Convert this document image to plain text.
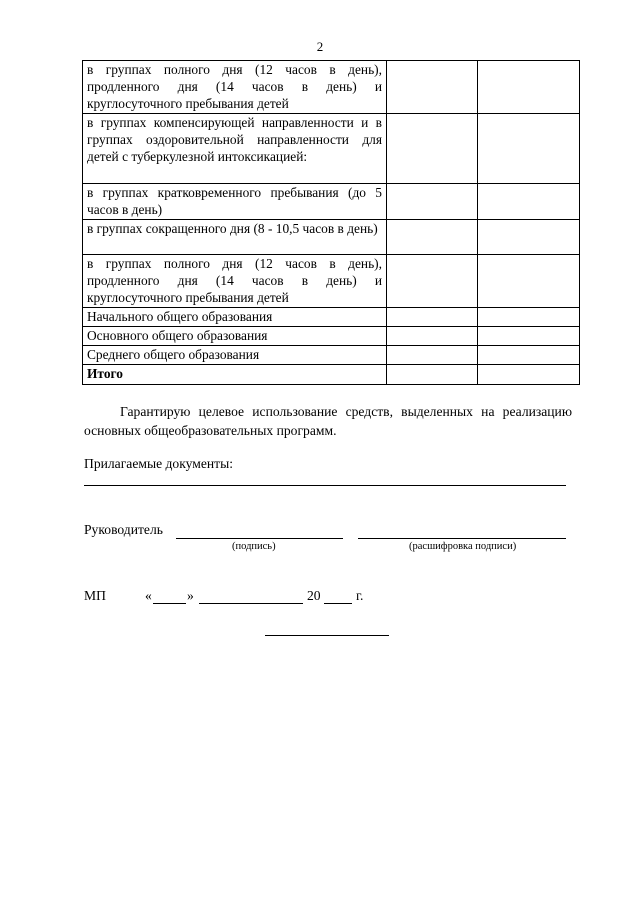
2
в группах полного дня (12 часов в день), продленного дня (14 часов в день) и круглосуточного пребывания детей		
в группах компенсирующей направленности и в группах оздоровительной направленности для детей с туберкулезной интоксикацией:		
в группах кратковременного пребывания (до 5 часов в день)		
в группах сокращенного дня (8 - 10,5 часов в день)		
в группах полного дня (12 часов в день), продленного дня (14 часов в день) и круглосуточного пребывания детей		
Начального общего образования		
Основного общего образования		
Среднего общего образования		
Итого		
Гарантирую целевое использование средств, выделенных на реализацию основных общеобразовательных программ.
Прилагаемые документы:
Руководитель
(подпись)	(расшифровка подписи)
МП	«	»	20	г.
